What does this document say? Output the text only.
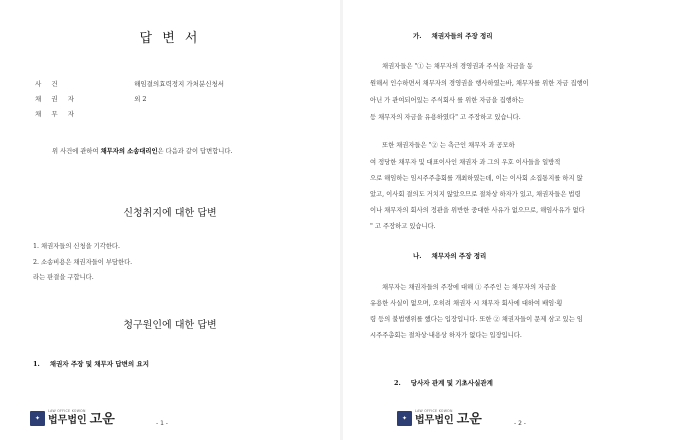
답 변 서
사 건	해임결의효력정지 가처분신청서
채 권 자	외 2
채 무 자
위 사건에 관하여 채무자의 소송대리인은 다음과 같이 답변합니다.
신청취지에 대한 답변
1. 채권자들의 신청을 기각한다.
2. 소송비용은 채권자들이 부담한다.
라는 판결을 구합니다.
청구원인에 대한 답변
1. 채권자 주장 및 채무자 답변의 요지
✦
LAW OFFICE KOWON
법무법인 고운	- 1 -
가. 채권자들의 주장 정리
채권자들은 "① 는 채무자의 경영권과 주식을 자금을 동
원해서 인수하면서 채무자의 경영권을 행사하였는바, 채무자를 위한 자금 집행이
아닌 가 관여되어있는 주식회사 를 위한 자금을 집행하는
등 채무자의 자금을 유용하였다" 고 주장하고 있습니다.
또한 채권자들은 "② 는 측근인 채무자 과 공모하
여 정당한 채무자 및 대표이사인 채권자 과 그의 우호 이사들을 일방적
으로 해임하는 임시주주총회를 개최하였는데, 이는 이사회 소집통지를 하지 않
았고, 이사회 결의도 거치지 않았으므로 절차상 하자가 있고, 채권자들은 법령
이나 채무자의 회사의 정관을 위반한 중대한 사유가 없으므로, 해임사유가 없다
" 고 주장하고 있습니다.
나. 채무자의 주장 정리
채무자는 채권자들의 주장에 대해 ① 주주인 는 채무자의 자금을
유용한 사실이 없으며, 오히려 채권자 시 채무자 회사에 대하여 배임·횡
령 등의 불법행위를 했다는 입장입니다. 또한 ② 채권자들이 문제 삼고 있는 임
시주주총회는 절차상·내용상 하자가 없다는 입장입니다.
2. 당사자 관계 및 기초사실관계
✦
LAW OFFICE KOWON
법무법인 고운	- 2 -
